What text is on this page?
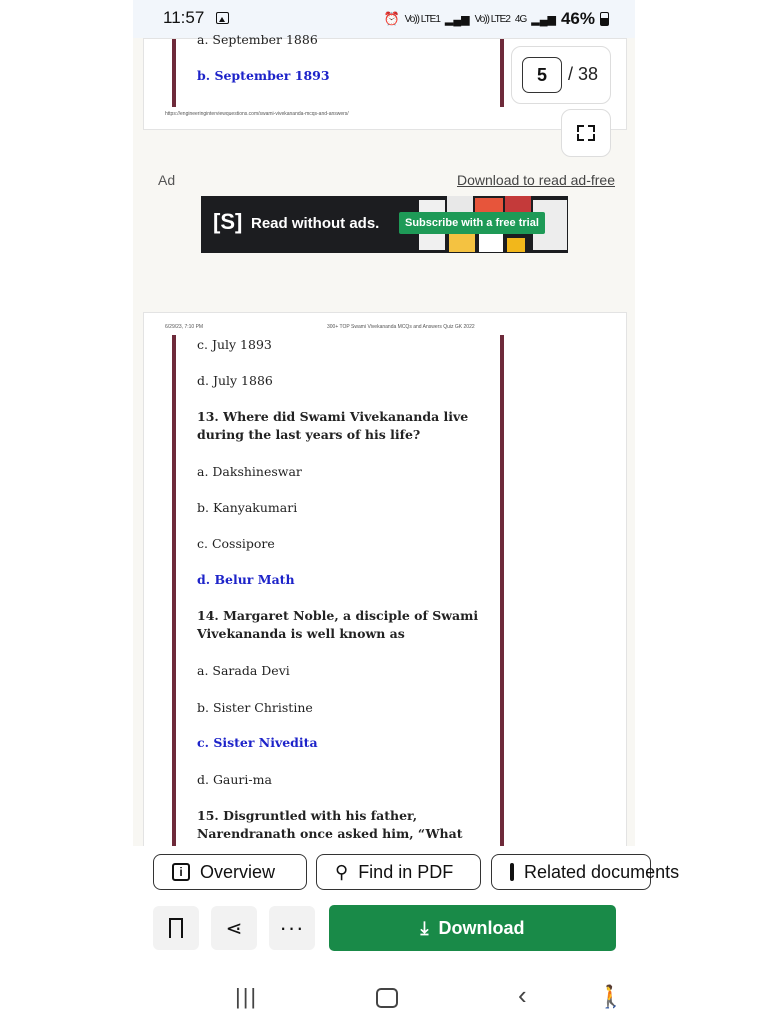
11:57	⏰ Vo)) LTE1 ▂▄▆ Vo)) LTE2 4G ▂▄▆ 46%
a. September 1886
b. September 1893
https://engineeringinterviewquestions.com/swami-vivekananda-mcqs-and-answers/
5	/ 38
Ad	Download to read ad-free
[S] Read without ads.	Subscribe with a free trial
6/29/23, 7:10 PM	300+ TOP Swami Vivekananda MCQs and Answers Quiz GK 2022
c. July 1893
d. July 1886
13. Where did Swami Vivekananda live during the last years of his life?
a. Dakshineswar
b. Kanyakumari
c. Cossipore
d. Belur Math
14. Margaret Noble, a disciple of Swami Vivekananda is well known as
a. Sarada Devi
b. Sister Christine
c. Sister Nivedita
d. Gauri-ma
15. Disgruntled with his father, Narendranath once asked him, “What
i Overview	⚲ Find in PDF	Related documents
⋖ ···	⤓ Download
|||	‹	🚶
